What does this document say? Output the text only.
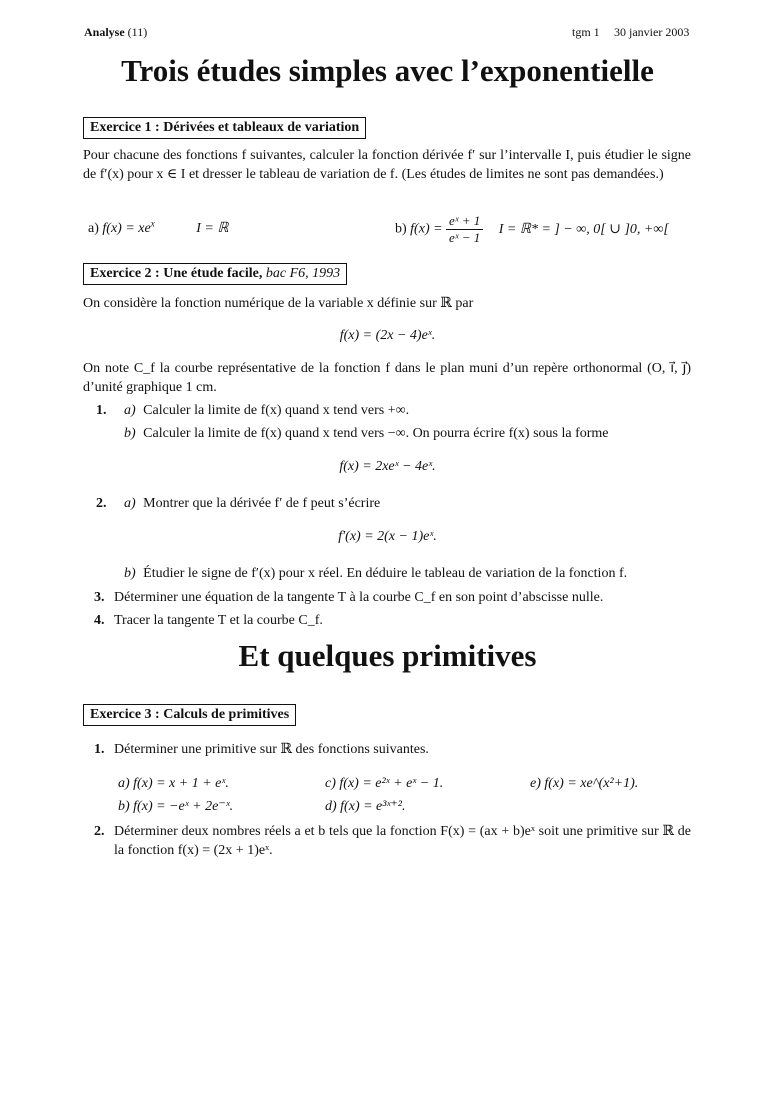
Analyse (11)	tgm 1 30 janvier 2003
Trois études simples avec l’exponentielle
Exercice 1 : Dérivées et tableaux de variation
Pour chacune des fonctions f suivantes, calculer la fonction dérivée f′ sur l’intervalle I, puis étudier le signe de f′(x) pour x ∈ I et dresser le tableau de variation de f. (Les études de limites ne sont pas demandées.)
a) $f(x) = xe^x$	I = ℝ	b) $f(x) = \frac{\text{eˣ + 1}}{\text{eˣ − 1}}$ I = ℝ* = ] − ∞, 0[ ∪ ]0, +∞[
Exercice 2 : Une étude facile, bac F6, 1993
On considère la fonction numérique de la variable x définie sur ℝ par
f(x) = (2x − 4)eˣ.
On note C_f la courbe représentative de la fonction f dans le plan muni d’un repère orthonormal (O, i⃗, j⃗) d’unité graphique 1 cm.
1. a) Calculer la limite de f(x) quand x tend vers +∞.
b) Calculer la limite de f(x) quand x tend vers −∞. On pourra écrire f(x) sous la forme
f(x) = 2xeˣ − 4eˣ.
2. a) Montrer que la dérivée f′ de f peut s’écrire
f′(x) = 2(x − 1)eˣ.
b) Étudier le signe de f′(x) pour x réel. En déduire le tableau de variation de la fonction f.
3. Déterminer une équation de la tangente T à la courbe C_f en son point d’abscisse nulle.
4. Tracer la tangente T et la courbe C_f.
Et quelques primitives
Exercice 3 : Calculs de primitives
1. Déterminer une primitive sur ℝ des fonctions suivantes.
a) f(x) = x + 1 + eˣ.
b) f(x) = −eˣ + 2e⁻ˣ.
c) f(x) = e²ˣ + eˣ − 1.
d) f(x) = e³ˣ⁺².
e) f(x) = xe^(x²+1).
2. Déterminer deux nombres réels a et b tels que la fonction F(x) = (ax + b)eˣ soit une primitive sur ℝ de la fonction f(x) = (2x + 1)eˣ.
